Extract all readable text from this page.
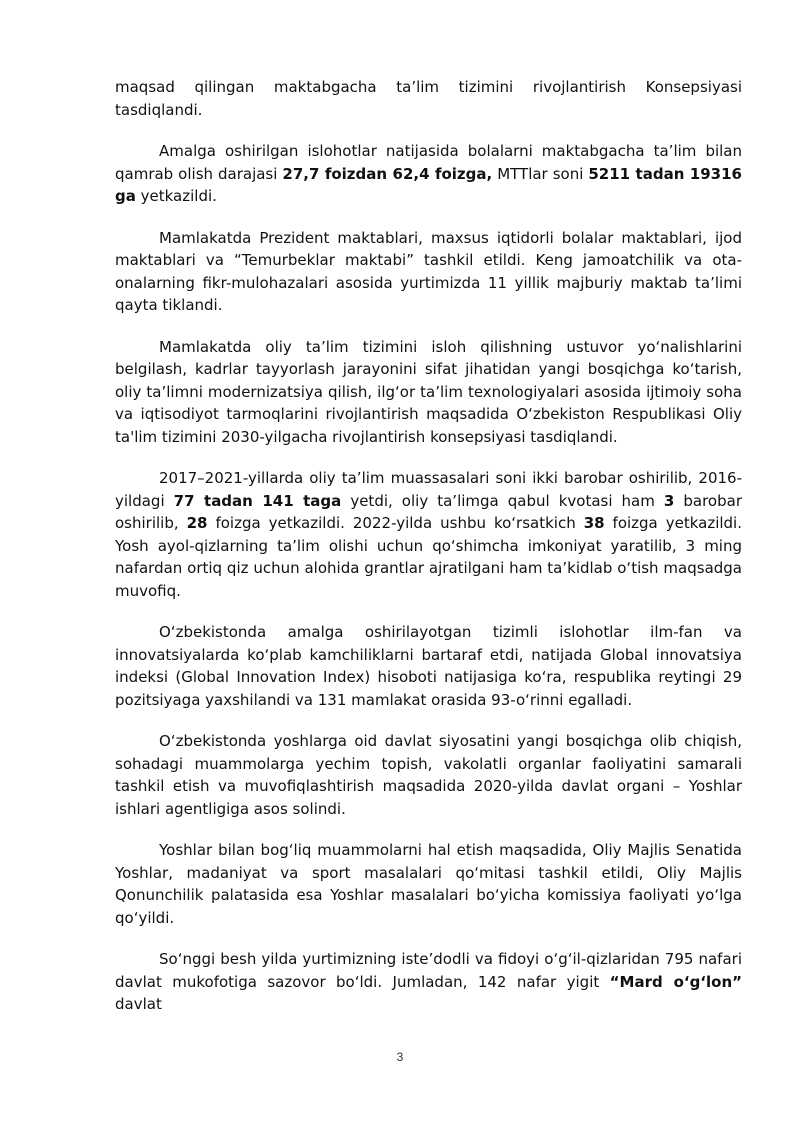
maqsad qilingan maktabgacha ta’lim tizimini rivojlantirish Konsepsiyasi tasdiqlandi.

Amalga oshirilgan islohotlar natijasida bolalarni maktabgacha ta’lim bilan qamrab olish darajasi 27,7 foizdan 62,4 foizga, MTTlar soni 5211 tadan 19316 ga yetkazildi.

Mamlakatda Prezident maktablari, maxsus iqtidorli bolalar maktablari, ijod maktablari va “Temurbeklar maktabi” tashkil etildi. Keng jamoatchilik va ota-onalarning fikr-mulohazalari asosida yurtimizda 11 yillik majburiy maktab ta’limi qayta tiklandi.

Mamlakatda oliy ta’lim tizimini isloh qilishning ustuvor yo‘nalishlarini belgilash, kadrlar tayyorlash jarayonini sifat jihatidan yangi bosqichga ko‘tarish, oliy ta’limni modernizatsiya qilish, ilg‘or ta’lim texnologiyalari asosida ijtimoiy soha va iqtisodiyot tarmoqlarini rivojlantirish maqsadida O‘zbekiston Respublikasi Oliy ta'lim tizimini 2030-yilgacha rivojlantirish konsepsiyasi tasdiqlandi.

2017–2021-yillarda oliy ta’lim muassasalari soni ikki barobar oshirilib, 2016-yildagi 77 tadan 141 taga yetdi, oliy ta’limga qabul kvotasi ham 3 barobar oshirilib, 28 foizga yetkazildi. 2022-yilda ushbu ko‘rsatkich 38 foizga yetkazildi. Yosh ayol-qizlarning ta’lim olishi uchun qo‘shimcha imkoniyat yaratilib, 3 ming nafardan ortiq qiz uchun alohida grantlar ajratilgani ham ta’kidlab o‘tish maqsadga muvofiq.

O‘zbekistonda amalga oshirilayotgan tizimli islohotlar ilm-fan va innovatsiyalarda ko‘plab kamchiliklarni bartaraf etdi, natijada Global innovatsiya indeksi (Global Innovation Index) hisoboti natijasiga ko‘ra, respublika reytingi 29 pozitsiyaga yaxshilandi va 131 mamlakat orasida 93-o‘rinni egalladi.

O‘zbekistonda yoshlarga oid davlat siyosatini yangi bosqichga olib chiqish, sohadagi muammolarga yechim topish, vakolatli organlar faoliyatini samarali tashkil etish va muvofiqlashtirish maqsadida 2020-yilda davlat organi – Yoshlar ishlari agentligiga asos solindi.

Yoshlar bilan bog‘liq muammolarni hal etish maqsadida, Oliy Majlis Senatida Yoshlar, madaniyat va sport masalalari qo‘mitasi tashkil etildi, Oliy Majlis Qonunchilik palatasida esa Yoshlar masalalari bo‘yicha komissiya faoliyati yo‘lga qo‘yildi.

So‘nggi besh yilda yurtimizning iste’dodli va fidoyi o‘g‘il-qizlaridan 795 nafari davlat mukofotiga sazovor bo‘ldi. Jumladan, 142 nafar yigit “Mard o‘g‘lon” davlat

3
